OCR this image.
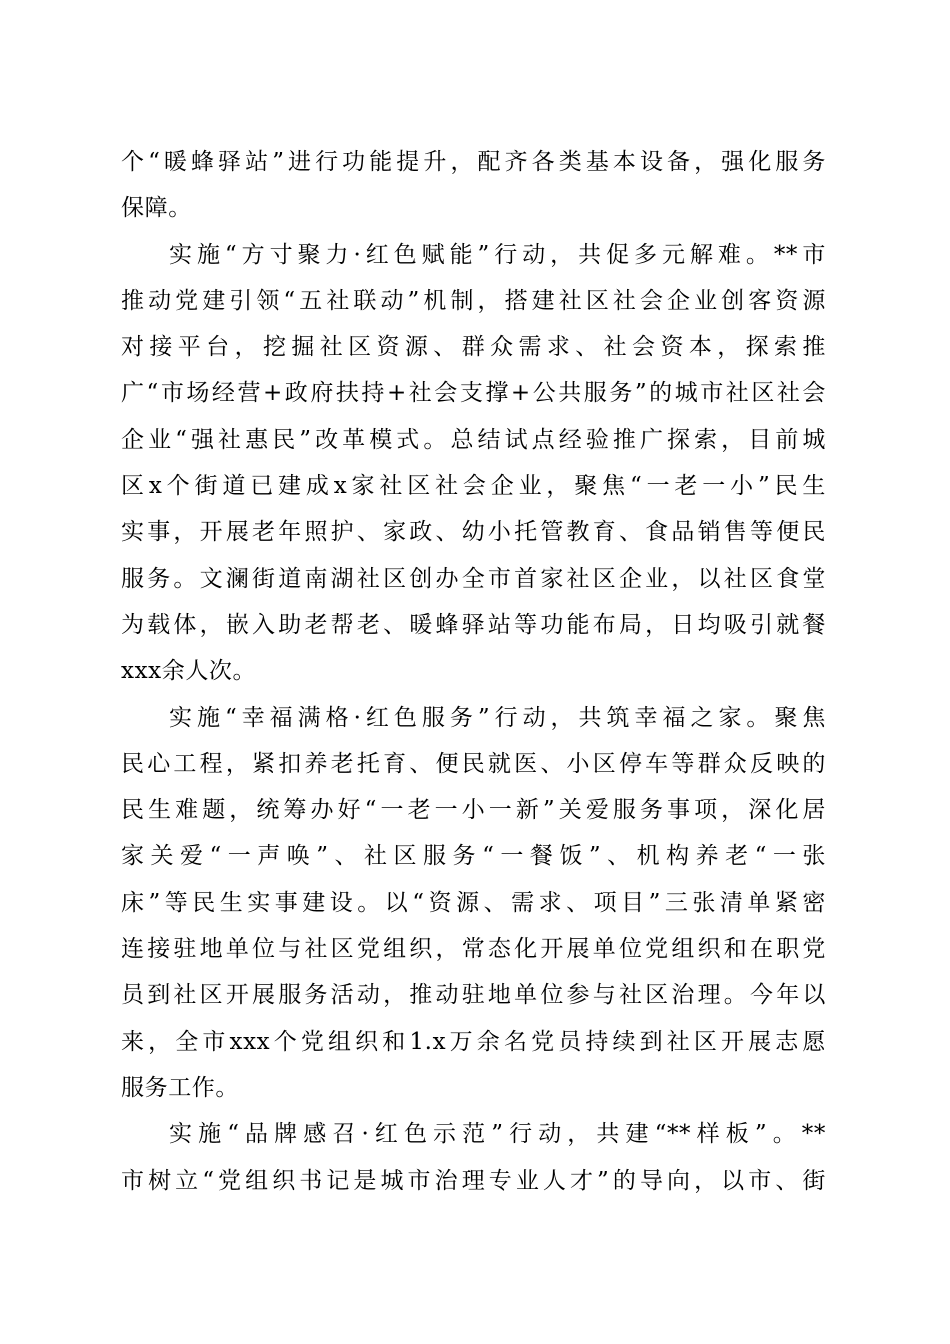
个“暖蜂驿站”进行功能提升，配齐各类基本设备，强化服务
保障。
实施“方寸聚力·红色赋能”行动，共促多元解难。**市
推动党建引领“五社联动”机制，搭建社区社会企业创客资源
对接平台，挖掘社区资源、群众需求、社会资本，探索推
广“市场经营+政府扶持+社会支撑+公共服务”的城市社区社会
企业“强社惠民”改革模式。总结试点经验推广探索，目前城
区x个街道已建成x家社区社会企业，聚焦“一老一小”民生
实事，开展老年照护、家政、幼小托管教育、食品销售等便民
服务。文澜街道南湖社区创办全市首家社区企业，以社区食堂
为载体，嵌入助老帮老、暖蜂驿站等功能布局，日均吸引就餐
xxx余人次。
实施“幸福满格·红色服务”行动，共筑幸福之家。聚焦
民心工程，紧扣养老托育、便民就医、小区停车等群众反映的
民生难题，统筹办好“一老一小一新”关爱服务事项，深化居
家关爱“一声唤”、社区服务“一餐饭”、机构养老“一张
床”等民生实事建设。以“资源、需求、项目”三张清单紧密
连接驻地单位与社区党组织，常态化开展单位党组织和在职党
员到社区开展服务活动，推动驻地单位参与社区治理。今年以
来，全市xxx个党组织和1.x万余名党员持续到社区开展志愿
服务工作。
实施“品牌感召·红色示范”行动，共建“**样板”。**
市树立“党组织书记是城市治理专业人才”的导向，以市、街
